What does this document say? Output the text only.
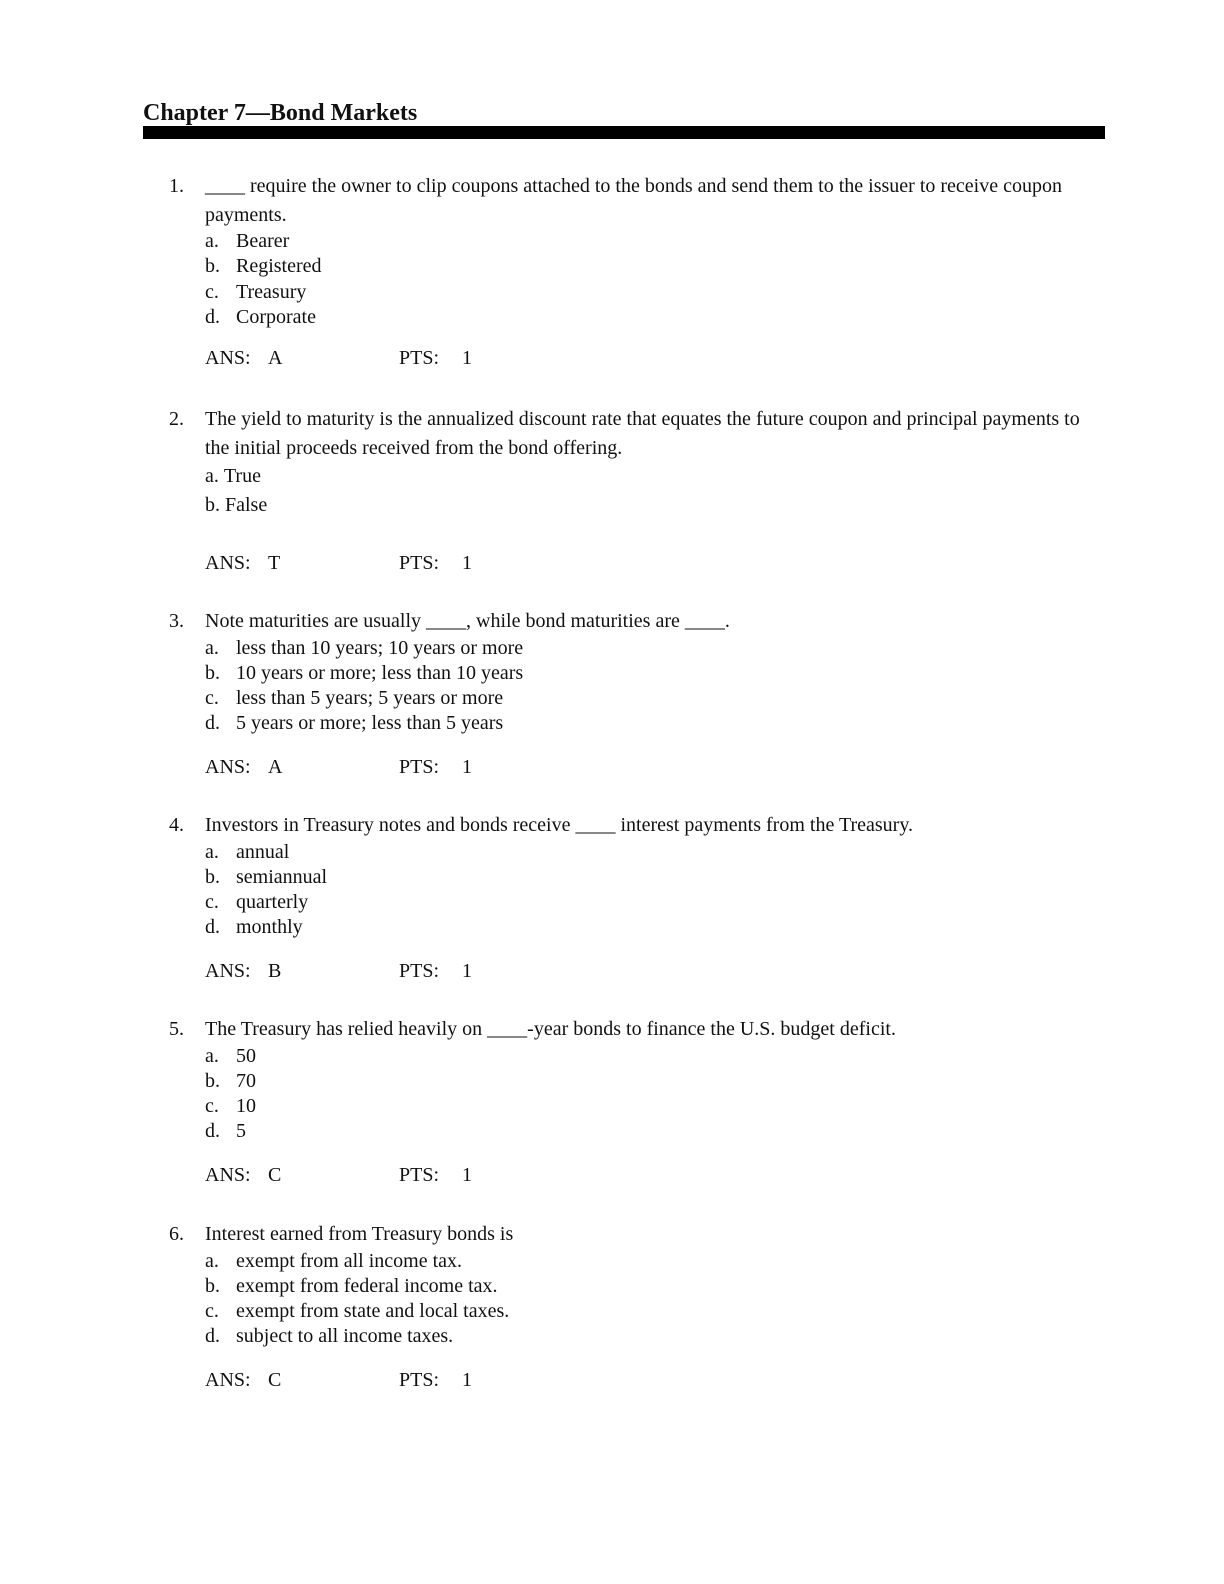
Chapter 7—Bond Markets
1. ____ require the owner to clip coupons attached to the bonds and send them to the issuer to receive coupon payments.
a. Bearer
b. Registered
c. Treasury
d. Corporate
ANS: A	PTS: 1
2. The yield to maturity is the annualized discount rate that equates the future coupon and principal payments to the initial proceeds received from the bond offering.
a. True
b. False
ANS: T	PTS: 1
3. Note maturities are usually ____, while bond maturities are ____.
a. less than 10 years; 10 years or more
b. 10 years or more; less than 10 years
c. less than 5 years; 5 years or more
d. 5 years or more; less than 5 years
ANS: A	PTS: 1
4. Investors in Treasury notes and bonds receive ____ interest payments from the Treasury.
a. annual
b. semiannual
c. quarterly
d. monthly
ANS: B	PTS: 1
5. The Treasury has relied heavily on ____-year bonds to finance the U.S. budget deficit.
a. 50
b. 70
c. 10
d. 5
ANS: C	PTS: 1
6. Interest earned from Treasury bonds is
a. exempt from all income tax.
b. exempt from federal income tax.
c. exempt from state and local taxes.
d. subject to all income taxes.
ANS: C	PTS: 1
